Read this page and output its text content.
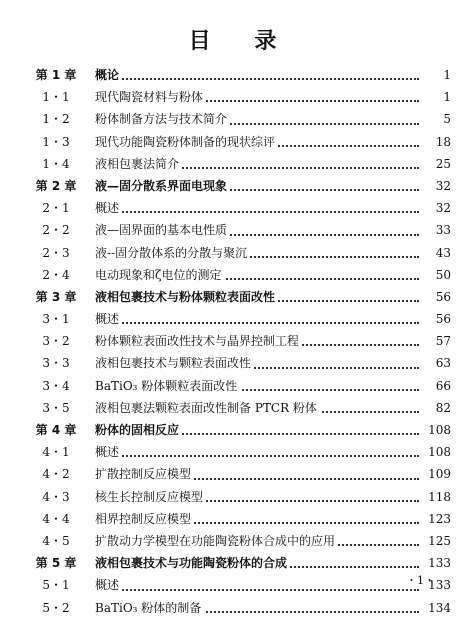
目 录
第 1 章	概论	1
1・1	现代陶瓷材料与粉体	1
1・2	粉体制备方法与技术简介	5
1・3	现代功能陶瓷粉体制备的现状综评	18
1・4	液相包裹法简介	25
第 2 章	液—固分散系界面电现象	32
2・1	概述	32
2・2	液—固界面的基本电性质	33
2・3	液--固分散体系的分散与聚沉	43
2・4	电动现象和ζ电位的测定	50
第 3 章	液相包裹技术与粉体颗粒表面改性	56
3・1	概述	56
3・2	粉体颗粒表面改性技术与晶界控制工程	57
3・3	液相包裹技术与颗粒表面改性	63
3・4	BaTiO₃ 粉体颗粒表面改性	66
3・5	液相包裹法颗粒表面改性制备 PTCR 粉体	82
第 4 章	粉体的固相反应	108
4・1	概述	108
4・2	扩散控制反应模型	109
4・3	核生长控制反应模型	118
4・4	相界控制反应模型	123
4・5	扩散动力学模型在功能陶瓷粉体合成中的应用	125
第 5 章	液相包裹技术与功能陶瓷粉体的合成	133
5・1	概述	133
5・2	BaTiO₃ 粉体的制备	134
・1・
